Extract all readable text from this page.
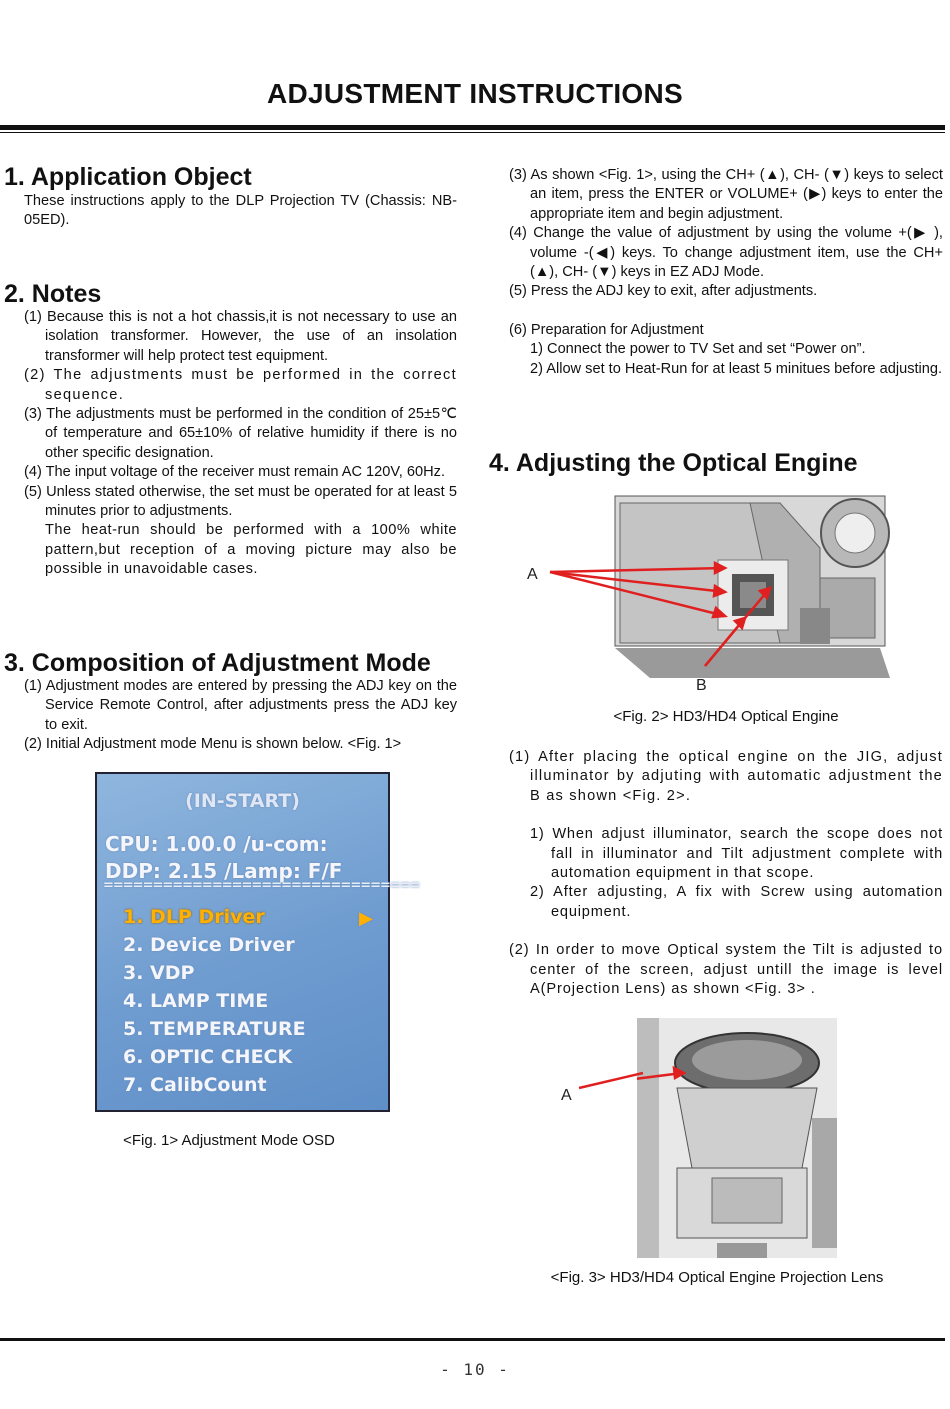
ADJUSTMENT INSTRUCTIONS
1. Application Object
These instructions apply to the DLP Projection TV (Chassis: NB-05ED).
2. Notes

(1) Because this is not a hot chassis,it is not necessary to use an isolation transformer. However, the use of an insolation transformer will help protect test equipment.

(2) The adjustments must be performed in the correct sequence.

(3) The adjustments must be performed in the condition of 25±5℃ of temperature and 65±10% of relative humidity if there is no other specific designation.

(4) The input voltage of the receiver must remain AC 120V, 60Hz.

(5) Unless stated otherwise, the set must be operated for at least 5 minutes prior to adjustments.

The heat-run should be performed with a 100% white pattern,but reception of a moving picture may also be possible in unavoidable cases.

3. Composition of Adjustment Mode

(1) Adjustment modes are entered by pressing the ADJ key on the Service Remote Control, after adjustments press the ADJ key to exit.

(2) Initial Adjustment mode Menu is shown below. <Fig. 1>

(IN-START)
CPU: 1.00.0 /u-com:
DDP: 2.15 /Lamp: F/F
================================
1. DLP Driver	▶
2. Device Driver
3. VDP
4. LAMP TIME
5. TEMPERATURE
6. OPTIC CHECK
7. CalibCount
<Fig. 1> Adjustment Mode OSD

(3) As shown <Fig. 1>, using the CH+ (▲), CH- (▼) keys to select an item, press the ENTER or VOLUME+ (▶) keys to enter the appropriate item and begin adjustment.

(4) Change the value of adjustment by using the volume +(▶ ), volume -(◀) keys. To change adjustment item, use the CH+ (▲), CH- (▼) keys in EZ ADJ Mode.

(5) Press the ADJ key to exit, after adjustments.

(6) Preparation for Adjustment

1) Connect the power to TV Set and set “Power on”.

2) Allow set to Heat-Run for at least 5 minitues before adjusting.

4. Adjusting the Optical Engine
A
B
<Fig. 2> HD3/HD4 Optical Engine

(1) After placing the optical engine on the JIG, adjust illuminator by adjuting with automatic adjustment the B as shown <Fig. 2>.

1) When adjust illuminator, search the scope does not fall in illuminator and Tilt adjustment complete with automation equipment in that scope.

2) After adjusting, A fix with Screw using automation equipment.

(2) In order to move Optical system the Tilt is adjusted to center of the screen, adjust untill the image is level A(Projection Lens) as shown <Fig. 3> .

A
<Fig. 3> HD3/HD4 Optical Engine Projection Lens
- 10 -
